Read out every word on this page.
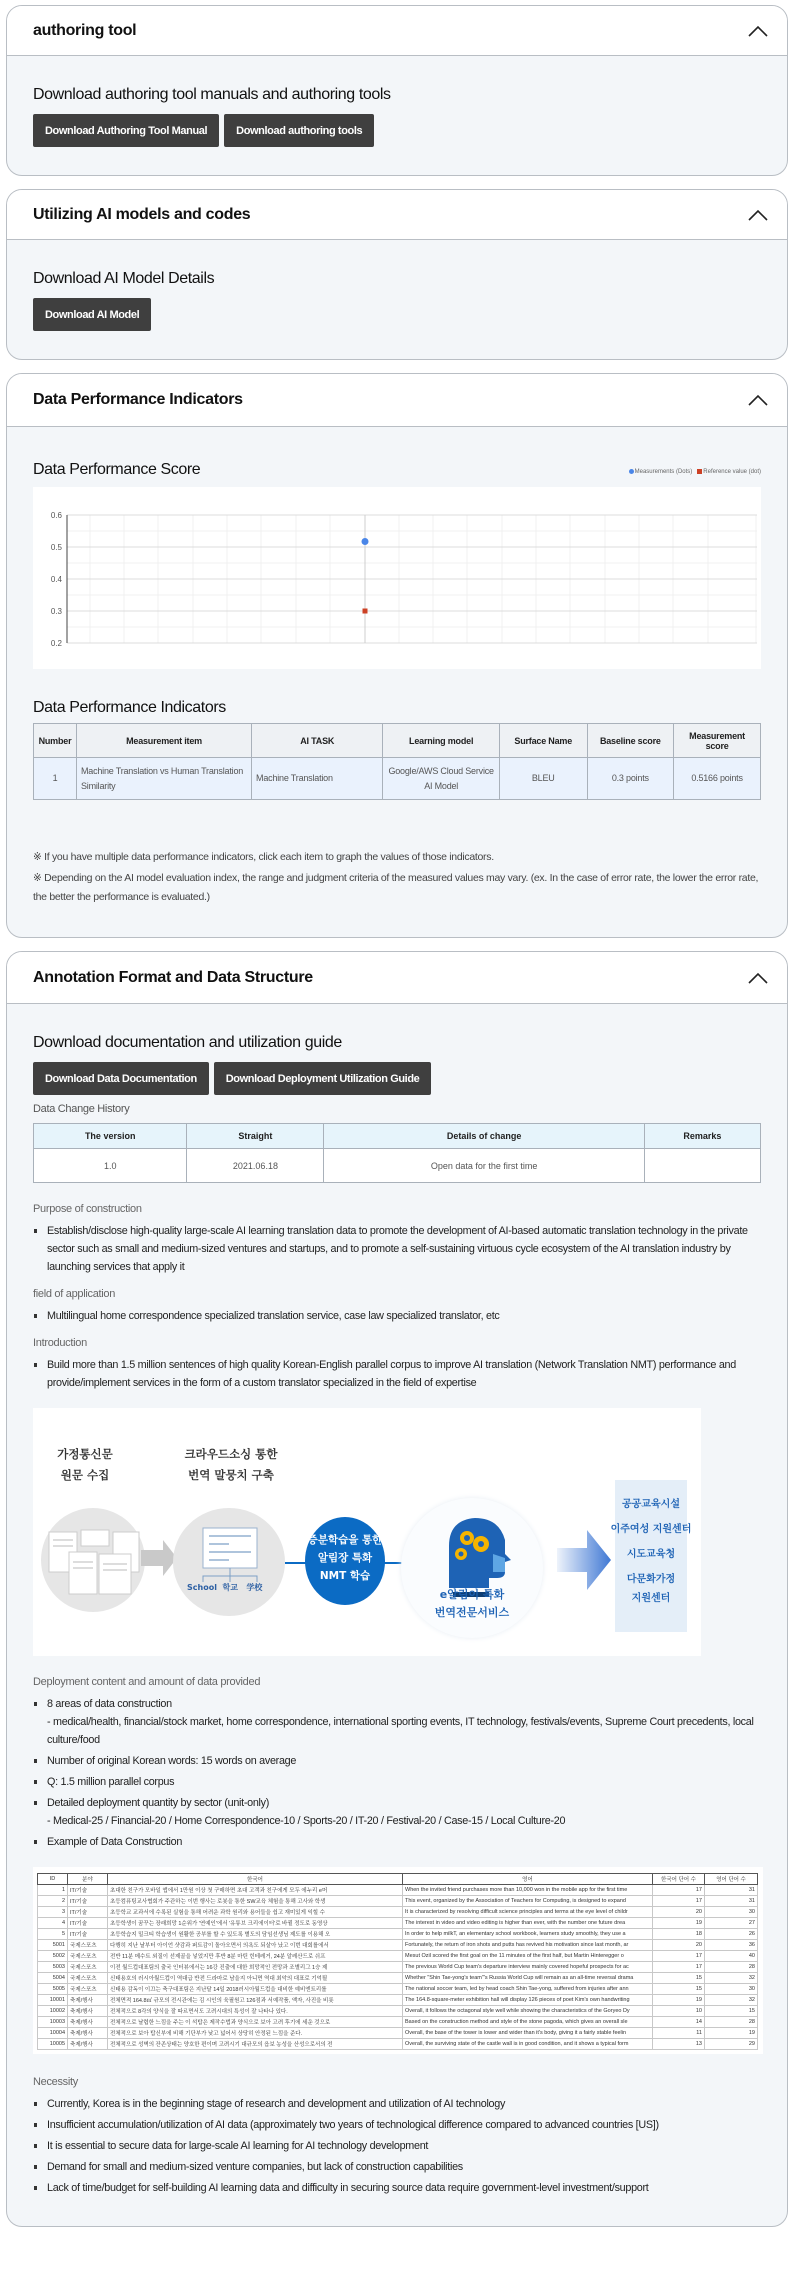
authoring tool
Download authoring tool manuals and authoring tools
Download Authoring Tool Manual	Download authoring tools
Utilizing AI models and codes
Download AI Model Details
Download AI Model
Data Performance Indicators
Data Performance Score	Measurements (Dots)	Reference value (dot)
0.6
0.5
0.4
0.3
0.2
Data Performance Indicators
Number	Measurement item	AI TASK	Learning model	Surface Name	Baseline score	Measurement score
1	Machine Translation vs Human Translation Similarity	Machine Translation	Google/AWS Cloud Service AI Model	BLEU	0.3 points	0.5166 points

※ If you have multiple data performance indicators, click each item to graph the values of those indicators.

※ Depending on the AI model evaluation index, the range and judgment criteria of the measured values may vary. (ex. In the case of error rate, the lower the error rate, the better the performance is evaluated.)

Annotation Format and Data Structure
Download documentation and utilization guide
Download Data Documentation	Download Deployment Utilization Guide
Data Change History
The version	Straight	Details of change	Remarks
1.0	2021.06.18	Open data for the first time	
Purpose of construction
Establish/disclose high-quality large-scale AI learning translation data to promote the development of AI-based automatic translation technology in the private sector such as small and medium-sized ventures and startups, and to promote a self-sustaining virtuous cycle ecosystem of the AI translation industry by launching services that apply it
field of application
Multilingual home correspondence specialized translation service, case law specialized translator, etc
Introduction
Build more than 1.5 million sentences of high quality Korean-English parallel corpus to improve AI translation (Network Translation NMT) performance and provide/implement services in the form of a custom translator specialized in the field of expertise
가정통신문
원문 수집
크라우드소싱 통한
번역 말뭉치 구축
School 학교 学校
증분학습을 통한
알림장 특화
NMT 학습
e알림이 특화
번역전문서비스
공공교육시설
이주여성 지원센터
시도교육청
다문화가정
지원센터
Deployment content and amount of data provided
8 areas of data construction
- medical/health, financial/stock market, home correspondence, international sporting events, IT technology, festivals/events, Supreme Court precedents, local culture/food
Number of original Korean words: 15 words on average
Q: 1.5 million parallel corpus
Detailed deployment quantity by sector (unit-only)
- Medical-25 / Financial-20 / Home Correspondence-10 / Sports-20 / IT-20 / Festival-20 / Case-15 / Local Culture-20
Example of Data Construction
ID	분야	한국어	영어	한국어 단어 수	영어 단어 수
1	IT/기술	초대한 친구가 모바일 앱에서 1만원 이상 첫 구매하면 초대 고객과 친구에게 모두 에누리 e머	When the invited friend purchases more than 10,000 won in the mobile app for the first time	17	31
2	IT/기술	초등컴퓨팅교사협회가 주관하는 이번 행사는 로봇을 통한 SW교육 체험을 통해 고사와 학생	This event, organized by the Association of Teachers for Computing, is designed to expand	17	31
3	IT/기술	초등학교 교과서에 수록된 실험을 통해 어려운 과학 원리와 용어들을 쉽고 재미있게 익힐 수	It is characterized by resolving difficult science principles and terms at the eye level of childr	20	30
4	IT/기술	초등학생이 꿈꾸는 장래희망 1순위가 '연예인'에서 '유튜브 크리에이터'로 바뀔 정도로 동영상	The interest in video and video editing is higher than ever, with the number one future drea	19	27
5	IT/기술	초등학습지 밀크티 학습생이 원활한 공부를 할 수 있도록 별도의 담임선생님 제도를 이용해 오	In order to help milkT, an elementary school workbook, learners study smoothly, they use a	18	26
5001	국제스포츠	다행히 지난 날부터 아이언 샷감과 퍼트감이 돌아오면서 의욕도 되살아 났고 이번 대회를에서	Fortunately, the return of iron shots and putts has revived his motivation since last month, ar	20	36
5002	국제스포츠	전반 11분 메수트 외질이 선제골을 넣었지만 후반 8분 마틴 힌테레거, 24분 알레산드로 쉬프	Mesut Ozil scored the first goal on the 11 minutes of the first half, but Martin Hinteregger o	17	40
5003	국제스포츠	이전 월드컵대표팀의 출국 인터뷰에서는 16강 진출에 대한 희망적인 전망과 조별리그 1승 제	The previous World Cup team's departure interview mainly covered hopeful prospects for ac	17	28
5004	국제스포츠	신태용호의 러시아월드컵이 역대급 반전 드라마로 남을지 아니면 역대 최악의 대표로 기억될	Whether "Shin Tae-yong's team"'s Russia World Cup will remain as an all-time reversal drama	15	32
5005	국제스포츠	신태용 감독이 이끄는 축구대표팀은 지난달 14일 2018러시아월드컵을 대비한 예비엔트리를	The national soccer team, led by head coach Shin Tae-yong, suffered from injuries after ann	15	30
10001	축제/행사	전체면적 164.8㎡ 규모의 전시관에는 김 시인의 육필원고 126점과 서예작품, 액자, 사진을 비롯	The 164.8-square-meter exhibition hall will display 126 pieces of poet Kim's own handwriting	19	32
10002	축제/행사	전체적으로 8각의 양식을 잘 따르면서도 고려시대의 특성이 잘 나타나 있다.	Overall, it follows the octagonal style well while showing the characteristics of the Goryeo Dy	10	15
10003	축제/행사	전체적으로 날렵한 느낌을 주는 이 석탑은 제작수법과 양식으로 보아 고려 후기에 세운 것으로	Based on the construction method and style of the stone pagoda, which gives an overall sle	14	28
10004	축제/행사	전체적으로 보아 탑신부에 비해 기단부가 낮고 넓어서 상당히 안정된 느낌을 준다.	Overall, the base of the tower is lower and wider than it's body, giving it a fairly stable feelin	11	19
10005	축제/행사	전체적으로 성벽의 잔존상태는 양호한 편이며 고려시기 대규모의 읍보 농성을 산성으로서의 전	Overall, the surviving state of the castle wall is in good condition, and it shows a typical form	13	29
Necessity
Currently, Korea is in the beginning stage of research and development and utilization of AI technology
Insufficient accumulation/utilization of AI data (approximately two years of technological difference compared to advanced countries [US])
It is essential to secure data for large-scale AI learning for AI technology development
Demand for small and medium-sized venture companies, but lack of construction capabilities
Lack of time/budget for self-building AI learning data and difficulty in securing source data require government-level investment/support
